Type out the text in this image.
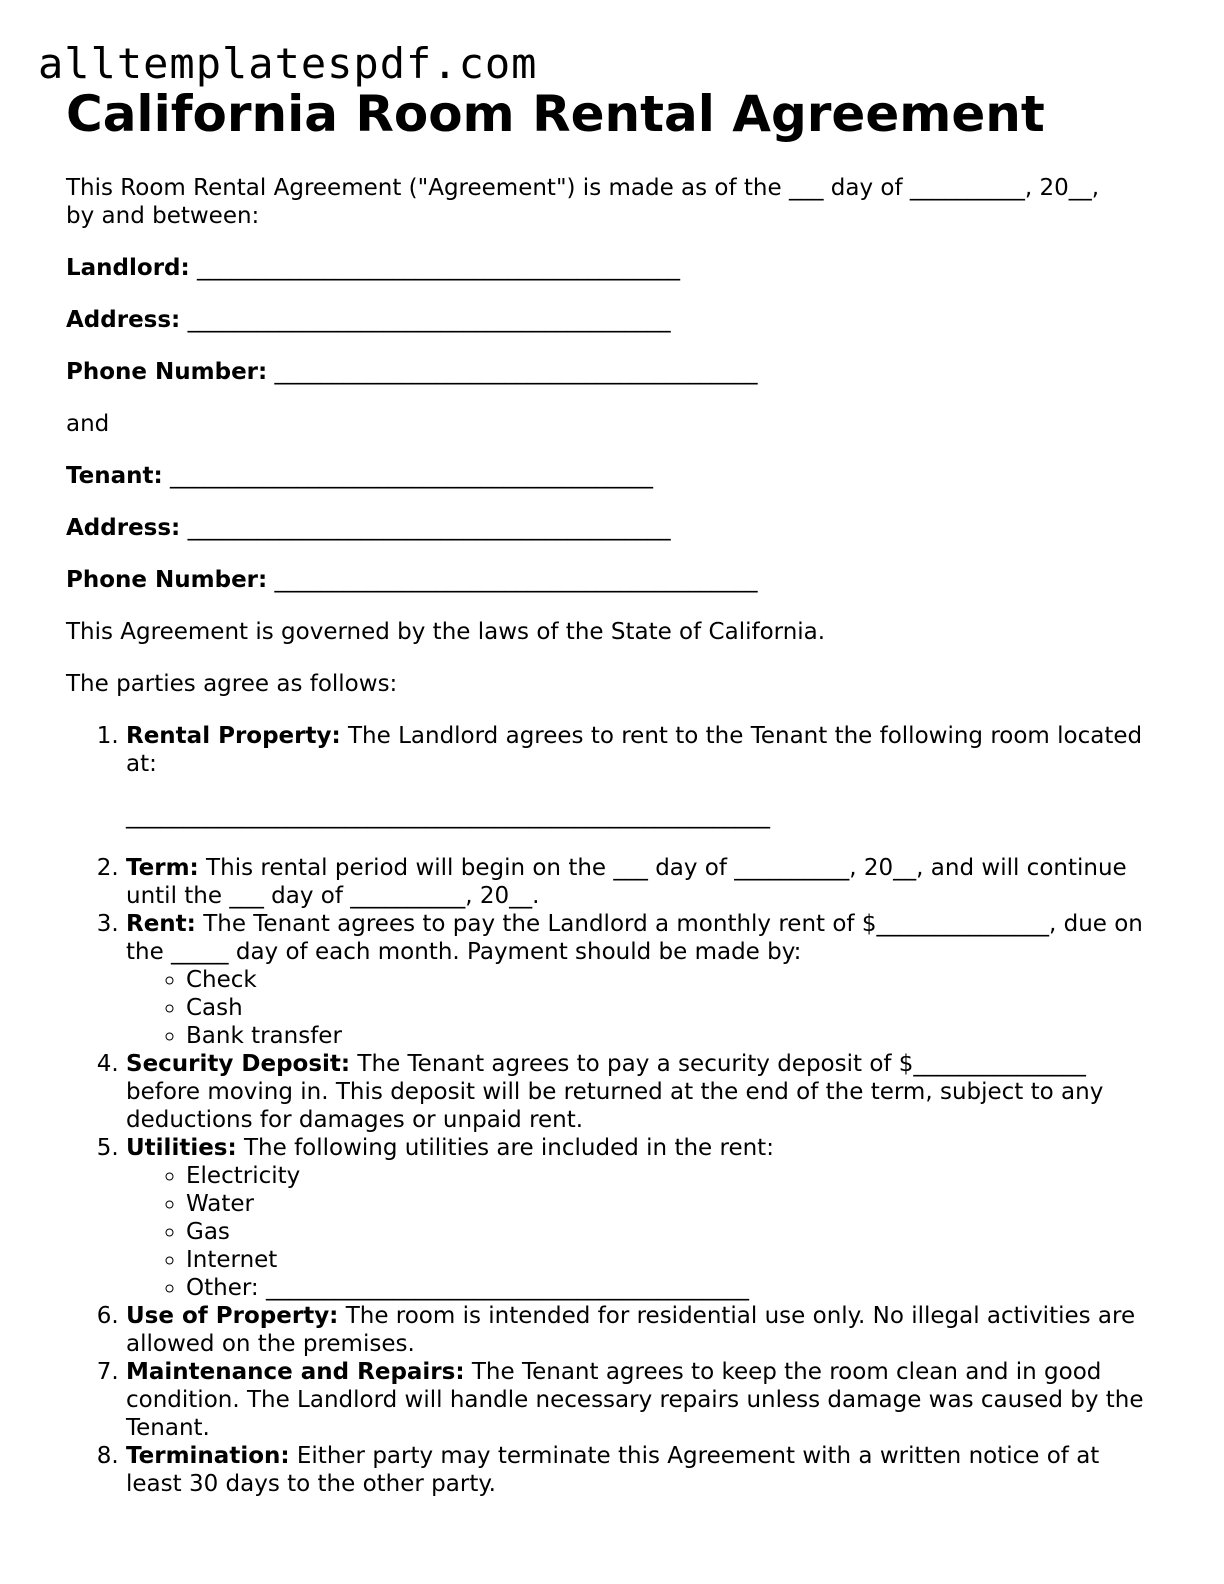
alltemplatespdf.com
California Room Rental Agreement
This Room Rental Agreement ("Agreement") is made as of the ___ day of __________, 20__,
by and between:
Landlord: __________________________________________
Address: __________________________________________
Phone Number: __________________________________________
and
Tenant: __________________________________________
Address: __________________________________________
Phone Number: __________________________________________
This Agreement is governed by the laws of the State of California.
The parties agree as follows:
1. Rental Property: The Landlord agrees to rent to the Tenant the following room located at:
________________________________________________________
2. Term: This rental period will begin on the ___ day of __________, 20__, and will continue until the ___ day of __________, 20__.
3. Rent: The Tenant agrees to pay the Landlord a monthly rent of $_______________, due on the _____ day of each month. Payment should be made by:
◦ Check
◦ Cash
◦ Bank transfer
4. Security Deposit: The Tenant agrees to pay a security deposit of $_______________ before moving in. This deposit will be returned at the end of the term, subject to any deductions for damages or unpaid rent.
5. Utilities: The following utilities are included in the rent:
◦ Electricity
◦ Water
◦ Gas
◦ Internet
◦ Other: __________________________________________
6. Use of Property: The room is intended for residential use only. No illegal activities are allowed on the premises.
7. Maintenance and Repairs: The Tenant agrees to keep the room clean and in good condition. The Landlord will handle necessary repairs unless damage was caused by the Tenant.
8. Termination: Either party may terminate this Agreement with a written notice of at least 30 days to the other party.
